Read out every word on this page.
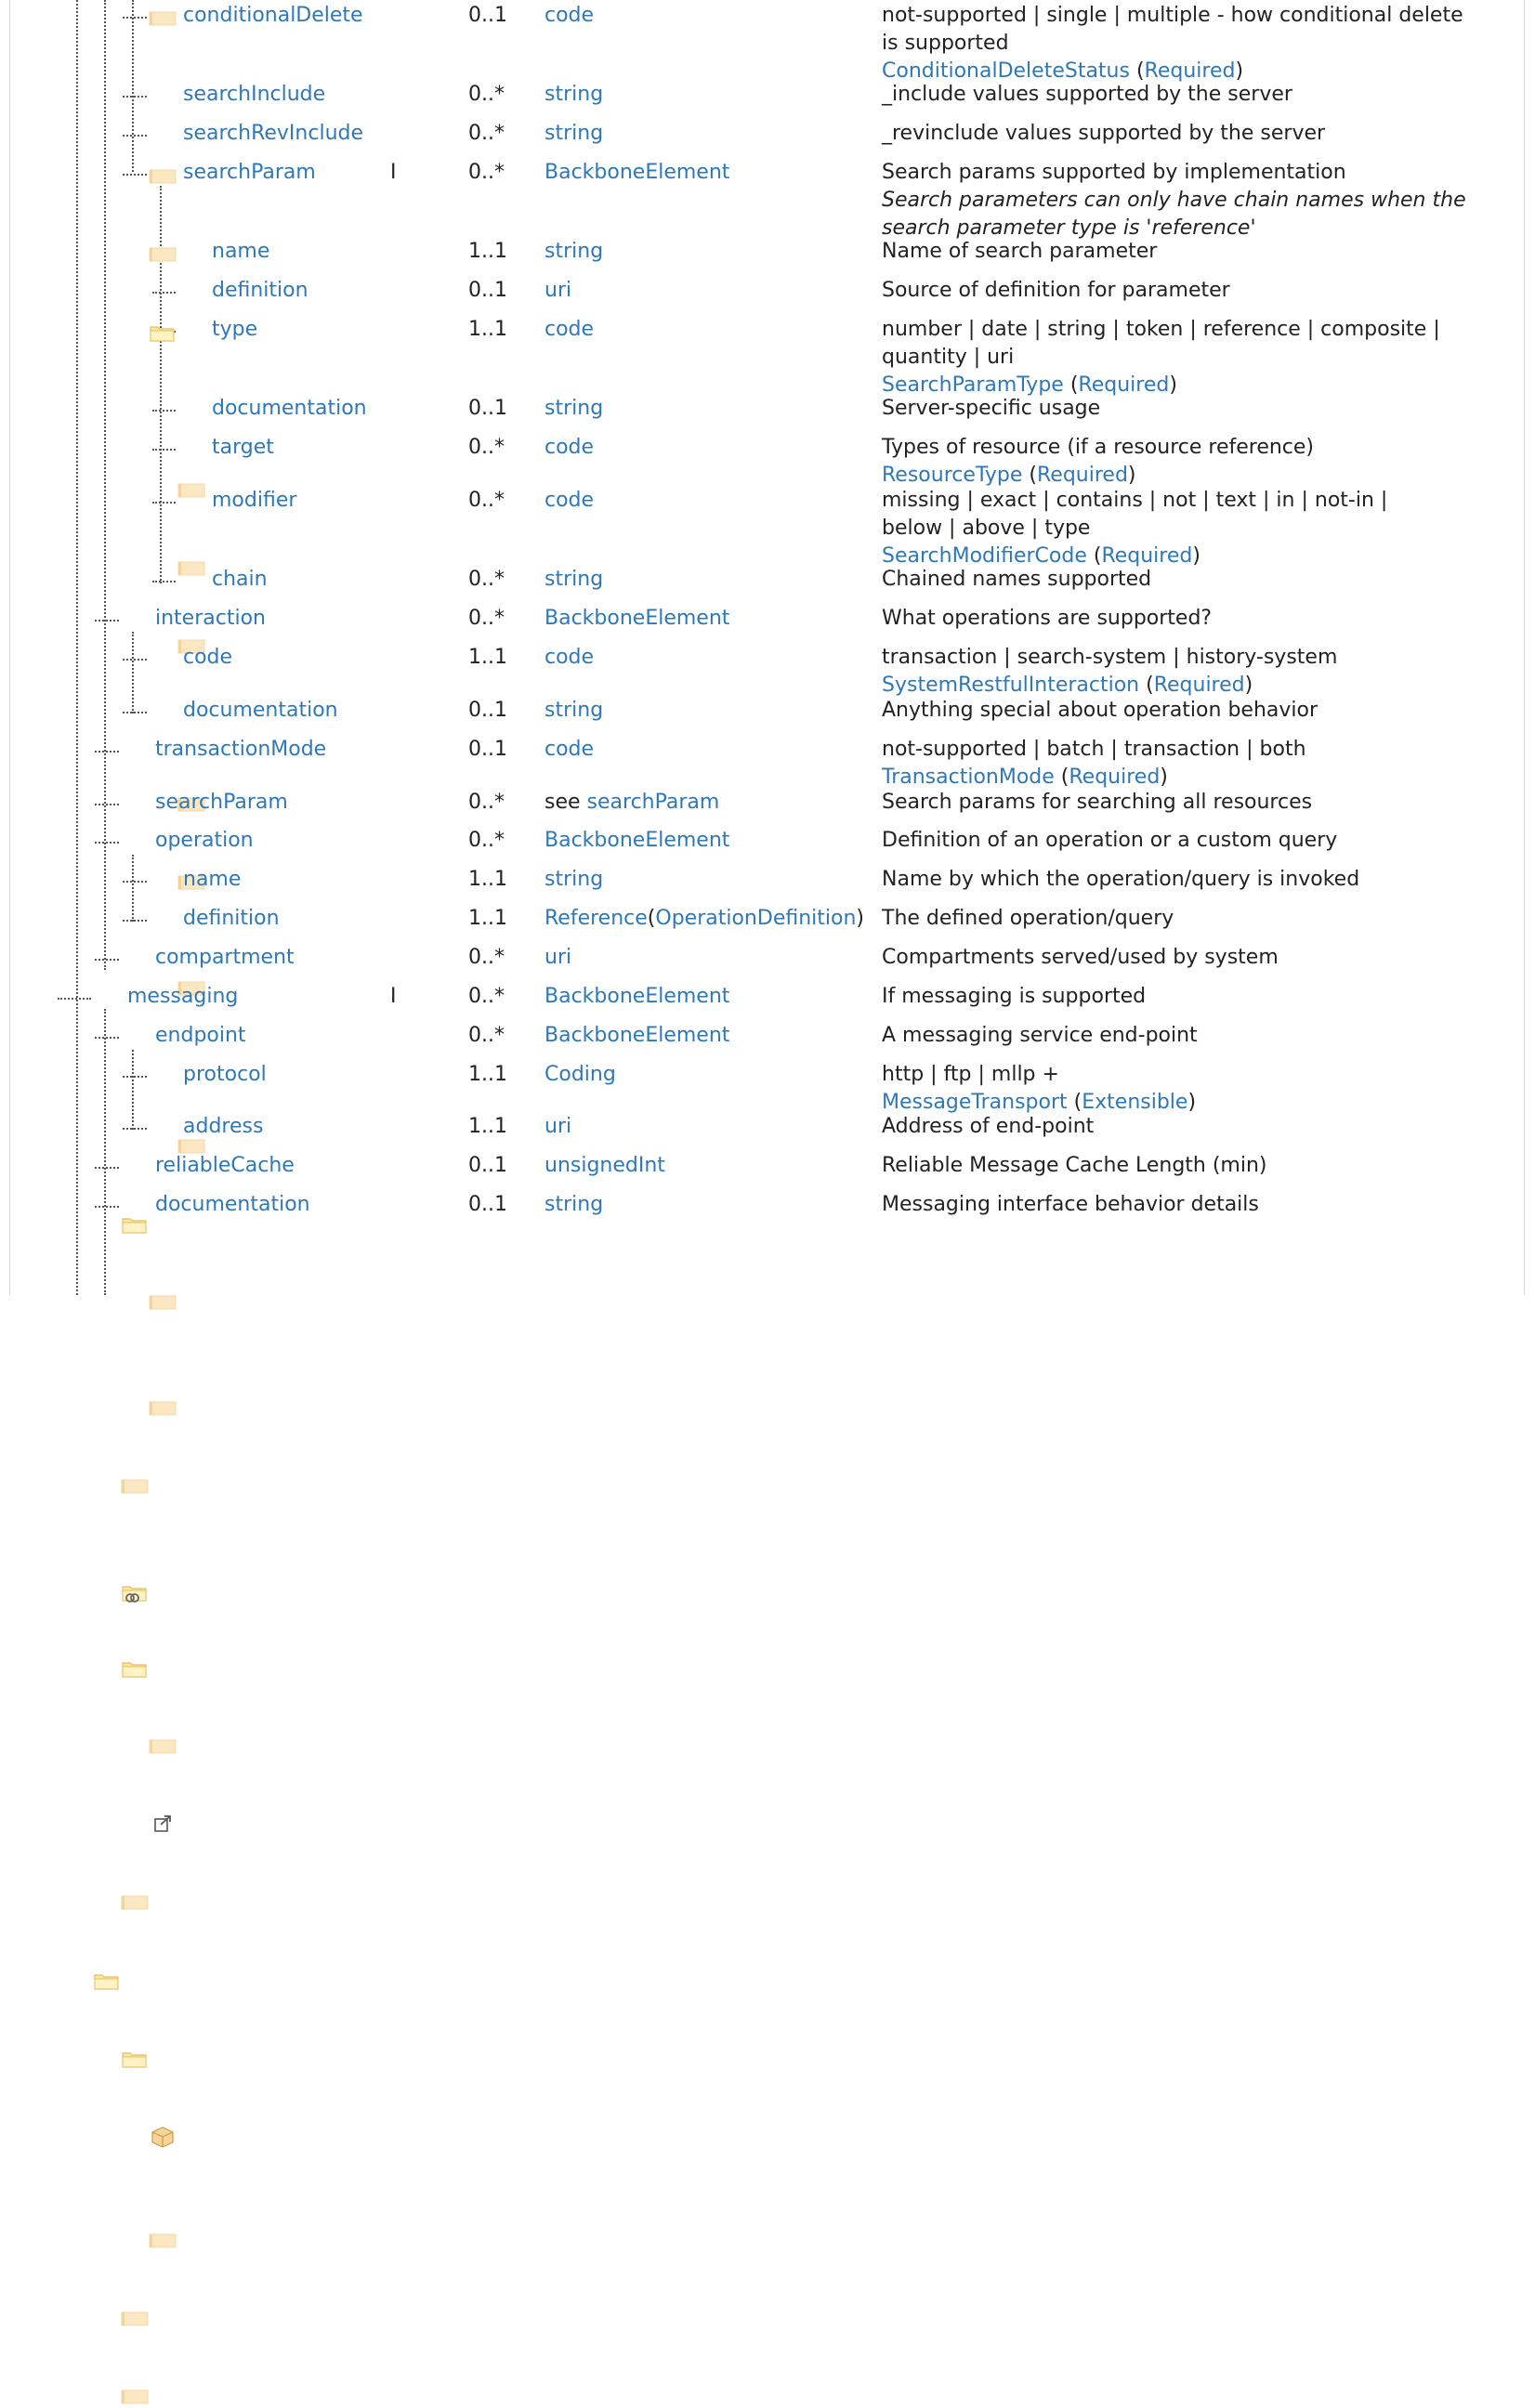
conditionalDelete	0..1 code	not-supported | single | multiple - how conditional delete
is supported
ConditionalDeleteStatus (Required)
searchInclude	0..* string	_include values supported by the server
searchRevInclude	0..* string	_revinclude values supported by the server
searchParam	I	0..* BackboneElement	Search params supported by implementation
Search parameters can only have chain names when the
search parameter type is 'reference'
name	1..1 string	Name of search parameter
definition	0..1 uri	Source of definition for parameter
type	1..1 code	number | date | string | token | reference | composite |
quantity | uri
SearchParamType (Required)
documentation	0..1 string	Server-specific usage
target	0..* code	Types of resource (if a resource reference)
ResourceType (Required)
modifier	0..* code	missing | exact | contains | not | text | in | not-in |
below | above | type
SearchModifierCode (Required)
chain	0..* string	Chained names supported
interaction	0..* BackboneElement	What operations are supported?
code	1..1 code	transaction | search-system | history-system
SystemRestfulInteraction (Required)
documentation	0..1 string	Anything special about operation behavior
transactionMode	0..1 code	not-supported | batch | transaction | both
TransactionMode (Required)
searchParam	0..* see searchParam	Search params for searching all resources
operation	0..* BackboneElement	Definition of an operation or a custom query
name	1..1 string	Name by which the operation/query is invoked
definition	1..1 Reference(OperationDefinition) The defined operation/query
compartment	0..* uri	Compartments served/used by system
messaging	I	0..* BackboneElement	If messaging is supported
endpoint	0..* BackboneElement	A messaging service end-point
protocol	1..1 Coding	http | ftp | mllp +
MessageTransport (Extensible)
address	1..1 uri	Address of end-point
reliableCache	0..1 unsignedInt	Reliable Message Cache Length (min)
documentation	0..1 string	Messaging interface behavior details
